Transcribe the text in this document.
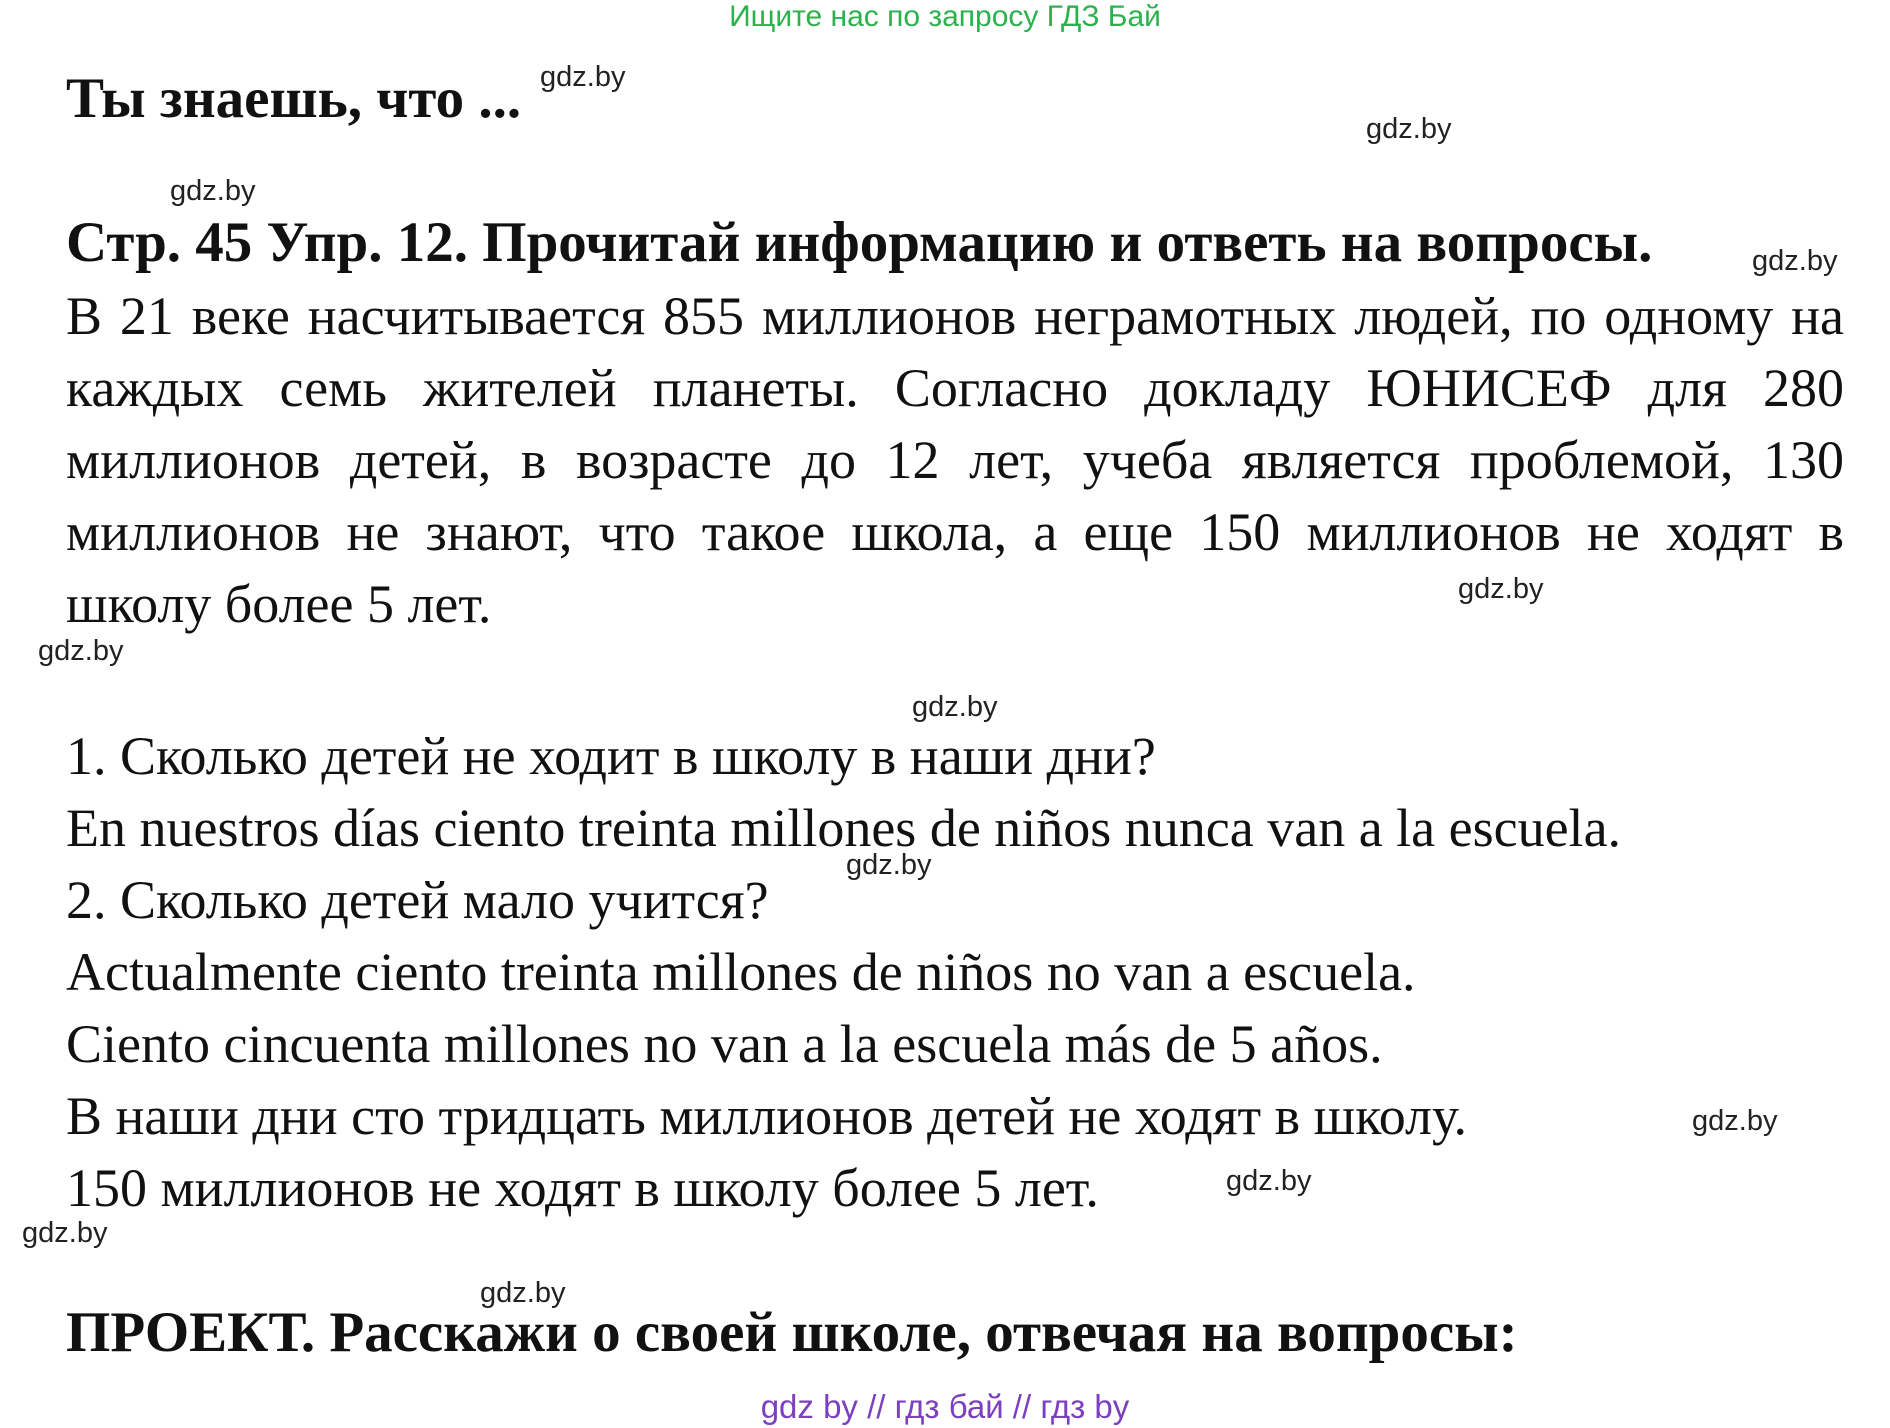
Ищите нас по запросу ГДЗ Бай
Ты знаешь, что ...
Стр. 45 Упр. 12. Прочитай информацию и ответь на вопросы.
В 21 веке насчитывается 855 миллионов неграмотных людей, по одному на каждых семь жителей планеты. Согласно докладу ЮНИСЕФ для 280 миллионов детей, в возрасте до 12 лет, учеба является проблемой, 130 миллионов не знают, что такое школа, а еще 150 миллионов не ходят в школу более 5 лет.
1. Сколько детей не ходит в школу в наши дни?
En nuestros días ciento treinta millones de niños nunca van a la escuela.
2. Сколько детей мало учится?
Actualmente ciento treinta millones de niños no van a escuela.
Ciento cincuenta millones no van a la escuela más de 5 años.
В наши дни сто тридцать миллионов детей не ходят в школу.
150 миллионов не ходят в школу более 5 лет.
ПРОЕКТ. Расскажи о своей школе, отвечая на вопросы:
gdz.by
gdz.by
gdz.by
gdz.by
gdz.by
gdz.by
gdz.by
gdz.by
gdz.by
gdz.by
gdz.by
gdz.by
gdz by // гдз бай // гдз by
